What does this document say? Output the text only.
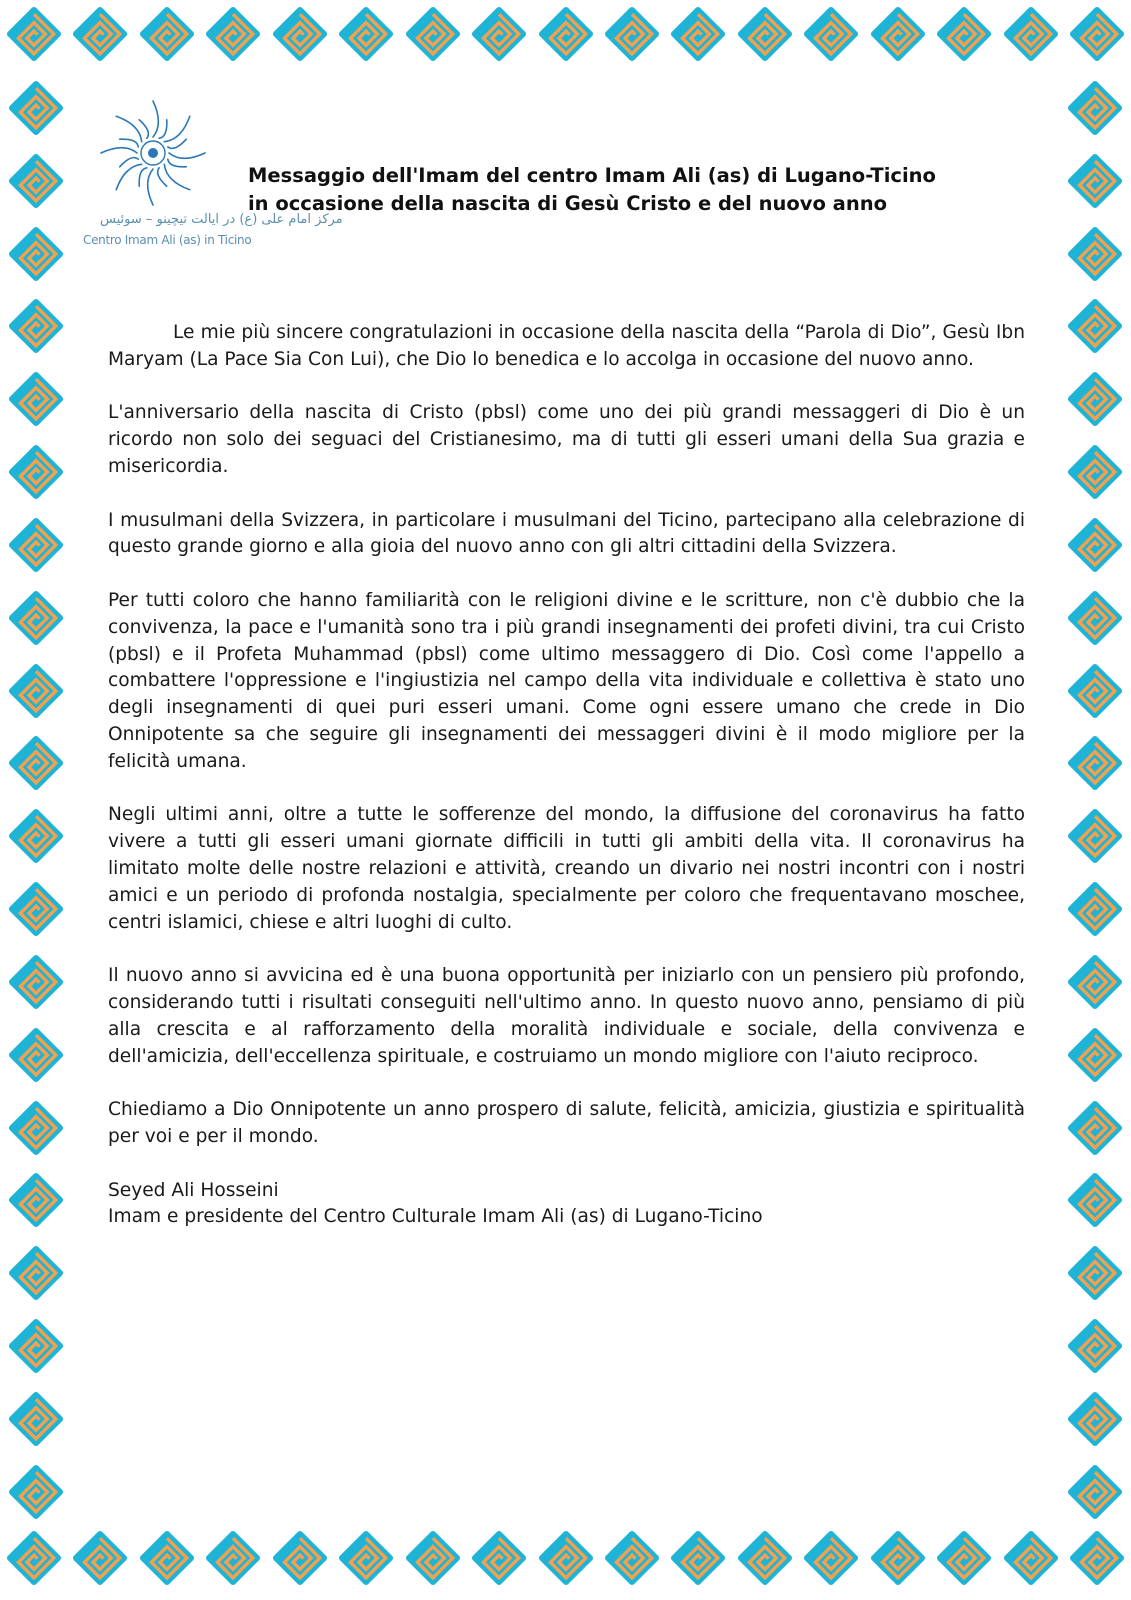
مرکز امام علی (ع) در ایالت تیچینو – سوئیس
Centro Imam Ali (as) in Ticino
Messaggio dell'Imam del centro Imam Ali (as) di Lugano-Ticino
in occasione della nascita di Gesù Cristo e del nuovo anno

Le mie più sincere congratulazioni in occasione della nascita della “Parola di Dio”, Gesù Ibn Maryam (La Pace Sia Con Lui), che Dio lo benedica e lo accolga in occasione del nuovo anno.

L'anniversario della nascita di Cristo (pbsl) come uno dei più grandi messaggeri di Dio è un ricordo non solo dei seguaci del Cristianesimo, ma di tutti gli esseri umani della Sua grazia e misericordia.

I musulmani della Svizzera, in particolare i musulmani del Ticino, partecipano alla celebrazione di questo grande giorno e alla gioia del nuovo anno con gli altri cittadini della Svizzera.

Per tutti coloro che hanno familiarità con le religioni divine e le scritture, non c'è dubbio che la convivenza, la pace e l'umanità sono tra i più grandi insegnamenti dei profeti divini, tra cui Cristo (pbsl) e il Profeta Muhammad (pbsl) come ultimo messaggero di Dio. Così come l'appello a combattere l'oppressione e l'ingiustizia nel campo della vita individuale e collettiva è stato uno degli insegnamenti di quei puri esseri umani. Come ogni essere umano che crede in Dio Onnipotente sa che seguire gli insegnamenti dei messaggeri divini è il modo migliore per la felicità umana.

Negli ultimi anni, oltre a tutte le sofferenze del mondo, la diffusione del coronavirus ha fatto vivere a tutti gli esseri umani giornate difficili in tutti gli ambiti della vita. Il coronavirus ha limitato molte delle nostre relazioni e attività, creando un divario nei nostri incontri con i nostri amici e un periodo di profonda nostalgia, specialmente per coloro che frequentavano moschee, centri islamici, chiese e altri luoghi di culto.

Il nuovo anno si avvicina ed è una buona opportunità per iniziarlo con un pensiero più profondo, considerando tutti i risultati conseguiti nell'ultimo anno. In questo nuovo anno, pensiamo di più alla crescita e al rafforzamento della moralità individuale e sociale, della convivenza e dell'amicizia, dell'eccellenza spirituale, e costruiamo un mondo migliore con l'aiuto reciproco.

Chiediamo a Dio Onnipotente un anno prospero di salute, felicità, amicizia, giustizia e spiritualità per voi e per il mondo.

Seyed Ali Hosseini
Imam e presidente del Centro Culturale Imam Ali (as) di Lugano-Ticino
